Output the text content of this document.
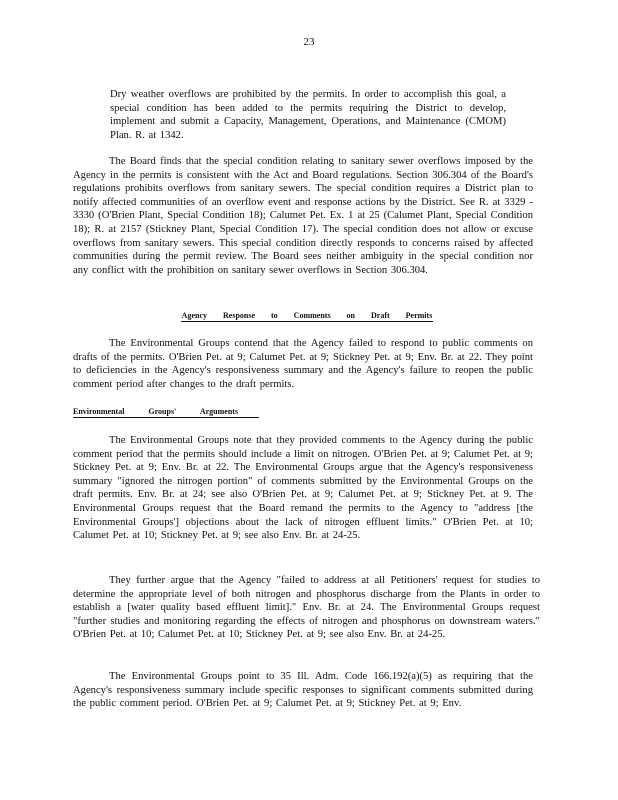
23

Dry weather overflows are prohibited by the permits. In order to accomplish this goal, a special condition has been added to the permits requiring the District to develop, implement and submit a Capacity, Management, Operations, and Maintenance (CMOM) Plan. R. at 1342.

The Board finds that the special condition relating to sanitary sewer overflows imposed by the Agency in the permits is consistent with the Act and Board regulations. Section 306.304 of the Board's regulations prohibits overflows from sanitary sewers. The special condition requires a District plan to notify affected communities of an overflow event and response actions by the District. See R. at 3329 - 3330 (O'Brien Plant, Special Condition 18); Calumet Pet. Ex. 1 at 25 (Calumet Plant, Special Condition 18); R. at 2157 (Stickney Plant, Special Condition 17). The special condition does not allow or excuse overflows from sanitary sewers. This special condition directly responds to concerns raised by affected communities during the permit review. The Board sees neither ambiguity in the special condition nor any conflict with the prohibition on sanitary sewer overflows in Section 306.304.

Agency Response to Comments on Draft Permits

The Environmental Groups contend that the Agency failed to respond to public comments on drafts of the permits. O'Brien Pet. at 9; Calumet Pet. at 9; Stickney Pet. at 9; Env. Br. at 22. They point to deficiencies in the Agency's responsiveness summary and the Agency's failure to reopen the public comment period after changes to the draft permits.

Environmental Groups' Arguments

The Environmental Groups note that they provided comments to the Agency during the public comment period that the permits should include a limit on nitrogen. O'Brien Pet. at 9; Calumet Pet. at 9; Stickney Pet. at 9; Env. Br. at 22. The Environmental Groups argue that the Agency's responsiveness summary "ignored the nitrogen portion" of comments submitted by the Environmental Groups on the draft permits. Env. Br. at 24; see also O'Brien Pet. at 9; Calumet Pet. at 9; Stickney Pet. at 9. The Environmental Groups request that the Board remand the permits to the Agency to "address [the Environmental Groups'] objections about the lack of nitrogen effluent limits." O'Brien Pet. at 10; Calumet Pet. at 10; Stickney Pet. at 9; see also Env. Br. at 24-25.

They further argue that the Agency "failed to address at all Petitioners' request for studies to determine the appropriate level of both nitrogen and phosphorus discharge from the Plants in order to establish a [water quality based effluent limit]." Env. Br. at 24. The Environmental Groups request "further studies and monitoring regarding the effects of nitrogen and phosphorus on downstream waters." O'Brien Pet. at 10; Calumet Pet. at 10; Stickney Pet. at 9; see also Env. Br. at 24-25.

The Environmental Groups point to 35 Ill. Adm. Code 166.192(a)(5) as requiring that the Agency's responsiveness summary include specific responses to significant comments submitted during the public comment period. O'Brien Pet. at 9; Calumet Pet. at 9; Stickney Pet. at 9; Env.
